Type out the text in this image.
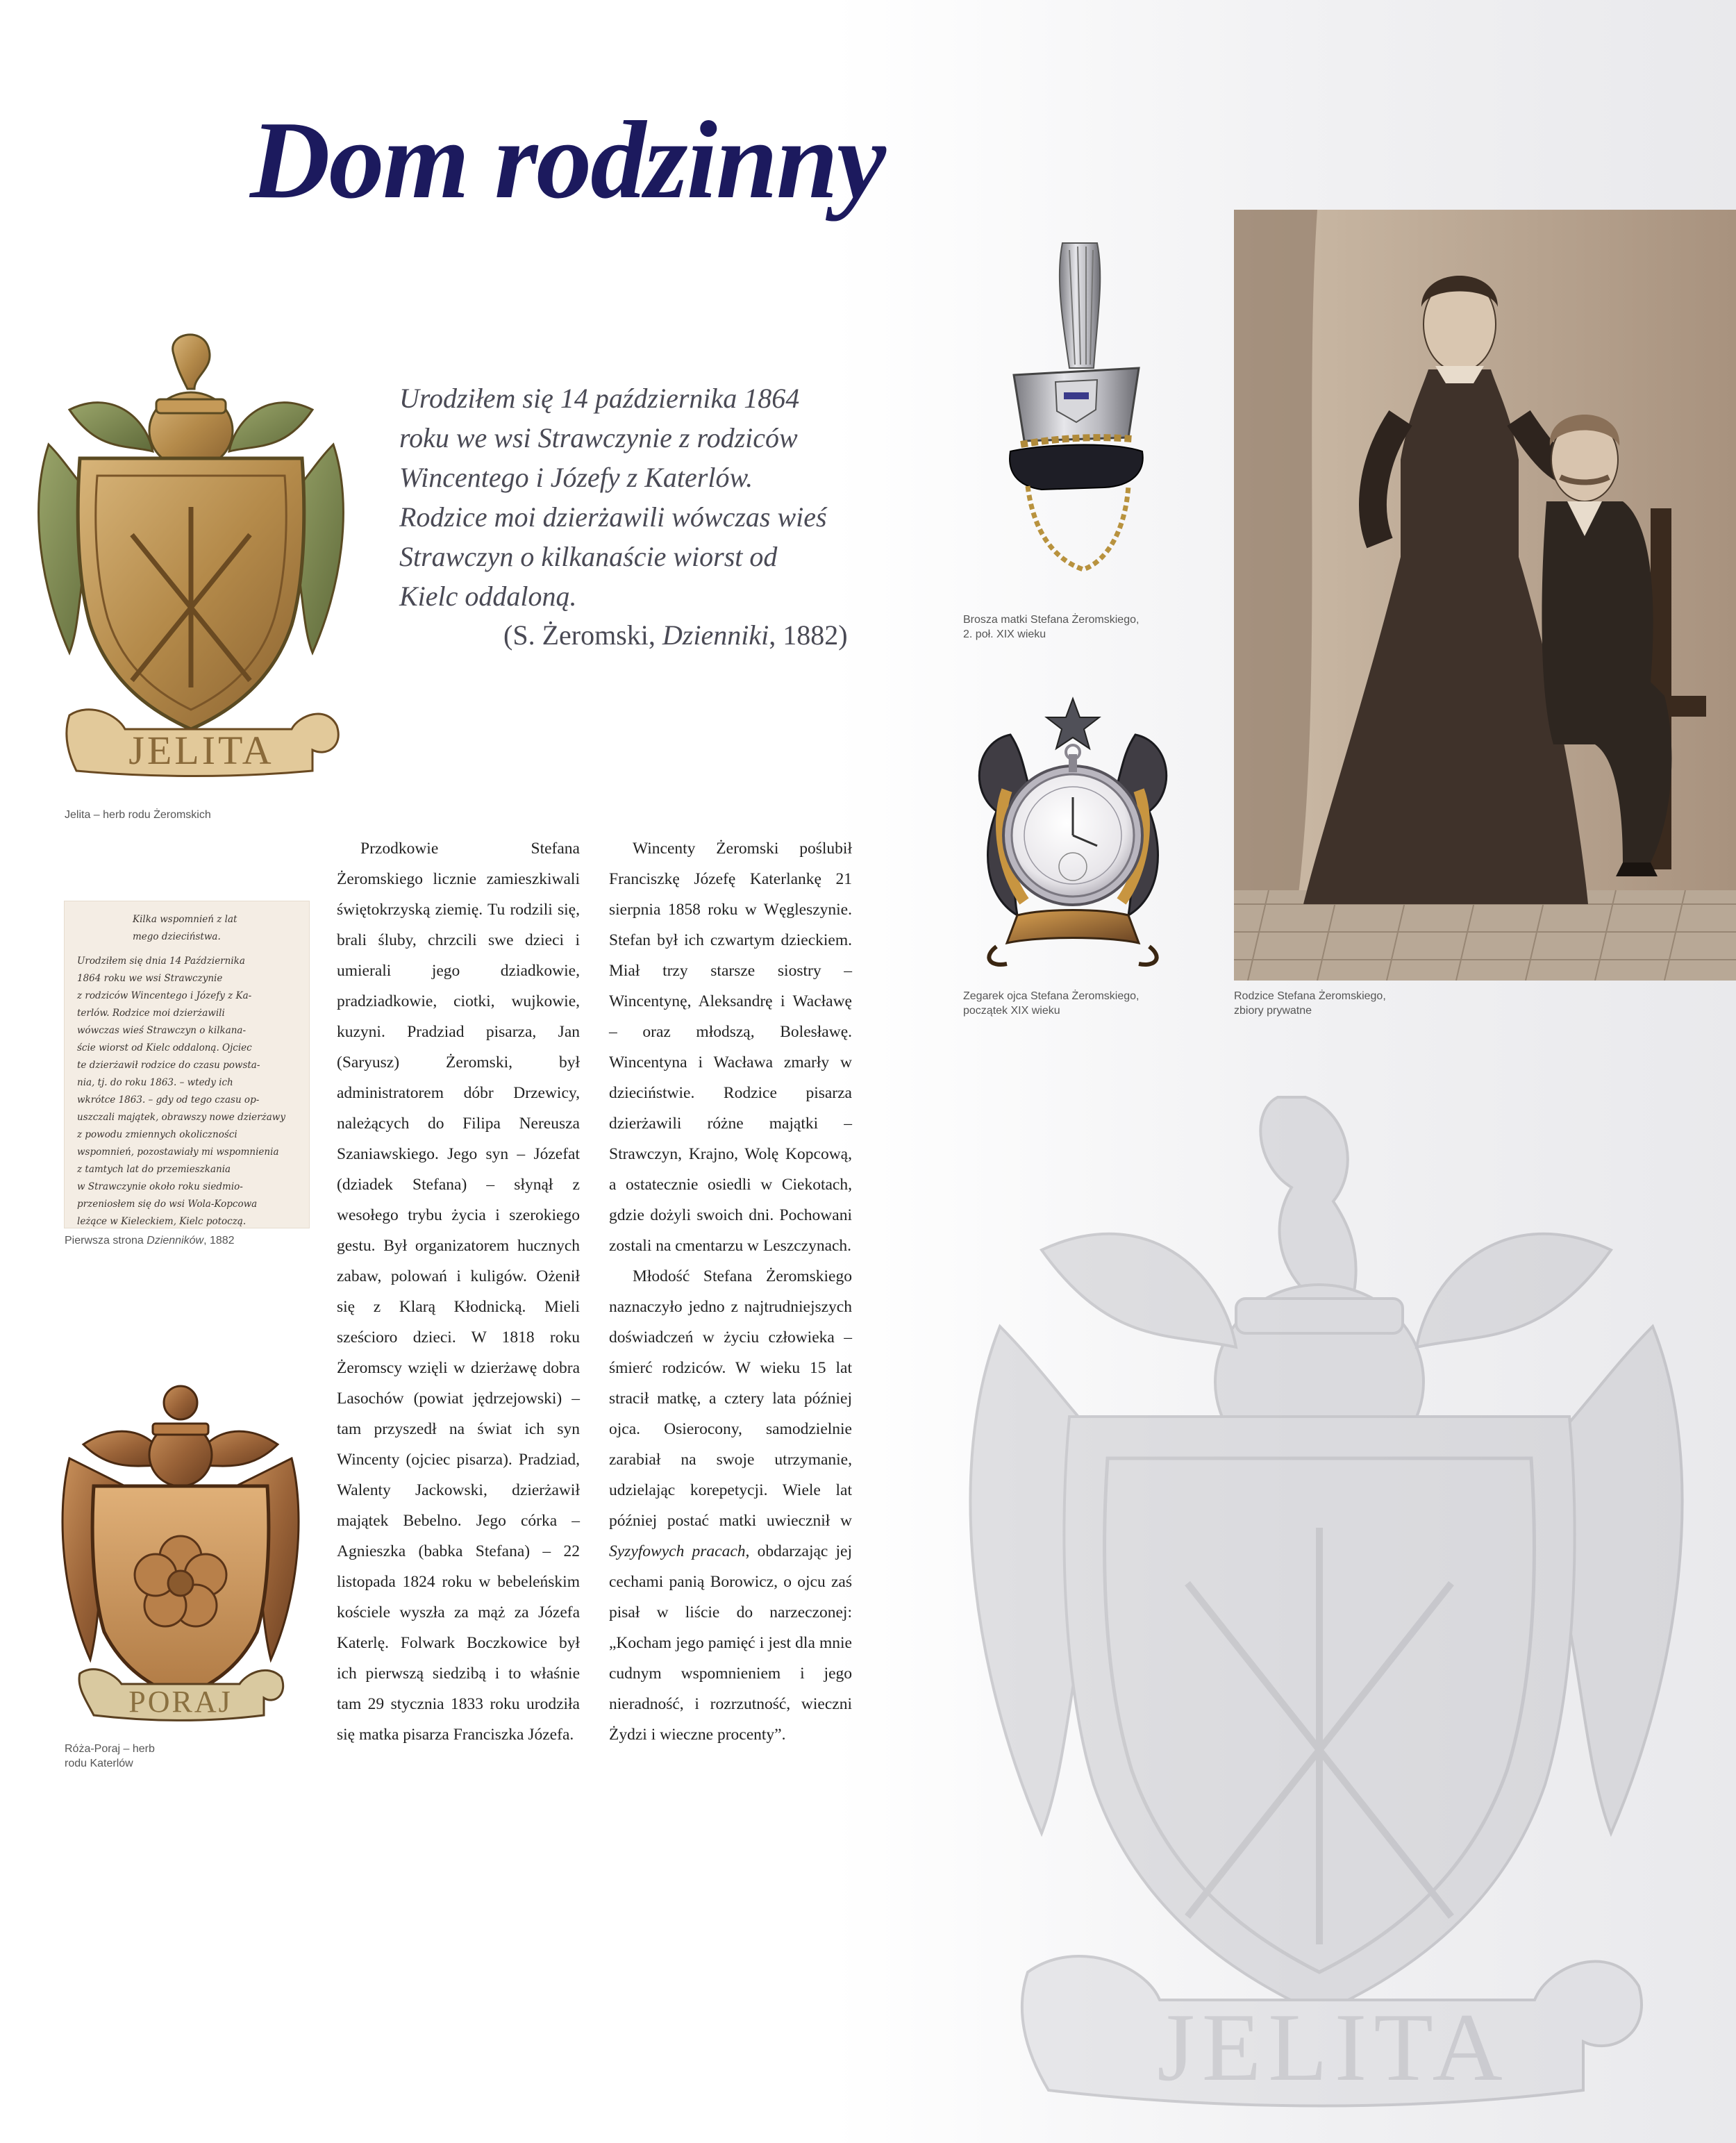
Dom rodzinny
JELITA
Jelita – herb rodu Żeromskich
Urodziłem się 14 października 1864
roku we wsi Strawczynie z rodziców
Wincentego i Józefy z Katerlów.
Rodzice moi dzierżawili wówczas wieś
Strawczyn o kilkanaście wiorst od
Kielc oddaloną.
(S. Żeromski, Dzienniki, 1882)
Kilka wspomnień z lat
mego dzieciństwa.
Urodziłem się dnia 14 Października
1864 roku we wsi Strawczynie
z rodziców Wincentego i Józefy z Ka-
terlów. Rodzice moi dzierżawili
wówczas wieś Strawczyn o kilkana-
ście wiorst od Kielc oddaloną. Ojciec
te dzierżawił rodzice do czasu powsta-
nia, tj. do roku 1863. – wtedy ich
wkrótce 1863. – gdy od tego czasu op-
uszczali majątek, obrawszy nowe dzierżawy
z powodu zmiennych okoliczności
wspomnień, pozostawiały mi wspomnienia
z tamtych lat do przemieszkania
w Strawczynie około roku siedmio-
przeniosłem się do wsi Wola-Kopcowa
leżące w Kieleckiem, Kielc potoczą.
Pierwsza strona Dzienników, 1882
PORAJ
Róża-Poraj – herb
rodu Katerlów

Przodkowie Stefana Żeromskiego licznie zamieszkiwali świętokrzyską ziemię. Tu rodzili się, brali śluby, chrzcili swe dzieci i umierali jego dziadkowie, pradziadkowie, ciotki, wujkowie, kuzyni. Pradziad pisarza, Jan (Saryusz) Żeromski, był administratorem dóbr Drzewicy, należących do Filipa Nereusza Szaniawskiego. Jego syn – Józefat (dziadek Stefana) – słynął z wesołego trybu życia i szerokiego gestu. Był organizatorem hucznych zabaw, polowań i kuligów. Ożenił się z Klarą Kłodnicką. Mieli sześcioro dzieci. W 1818 roku Żeromscy wzięli w dzierżawę dobra Lasochów (powiat jędrzejowski) – tam przyszedł na świat ich syn Wincenty (ojciec pisarza). Pradziad, Walenty Jackowski, dzierżawił majątek Bebelno. Jego córka – Agnieszka (babka Stefana) – 22 listopada 1824 roku w bebeleńskim kościele wyszła za mąż za Józefa Katerlę. Folwark Boczkowice był ich pierwszą siedzibą i to właśnie tam 29 stycznia 1833 roku urodziła się matka pisarza Franciszka Józefa.

Wincenty Żeromski poślubił Franciszkę Józefę Katerlankę 21 sierpnia 1858 roku w Węgleszynie. Stefan był ich czwartym dzieckiem. Miał trzy starsze siostry – Wincentynę, Aleksandrę i Wacławę – oraz młodszą, Bolesławę. Wincentyna i Wacława zmarły w dzieciństwie. Rodzice pisarza dzierżawili różne majątki – Strawczyn, Krajno, Wolę Kopcową, a ostatecznie osiedli w Ciekotach, gdzie dożyli swoich dni. Pochowani zostali na cmentarzu w Leszczynach.

Młodość Stefana Żeromskiego naznaczyło jedno z najtrudniejszych doświadczeń w życiu człowieka – śmierć rodziców. W wieku 15 lat stracił matkę, a cztery lata później ojca. Osierocony, samodzielnie zarabiał na swoje utrzymanie, udzielając korepetycji. Wiele lat później postać matki uwiecznił w Syzyfowych pracach, obdarzając jej cechami panią Borowicz, o ojcu zaś pisał w liście do narzeczonej: „Kocham jego pamięć i jest dla mnie cudnym wspomnieniem i jego nieradność, i rozrzutność, wieczni Żydzi i wieczne procenty”.

Brosza matki Stefana Żeromskiego,
2. poł. XIX wieku
Zegarek ojca Stefana Żeromskiego,
początek XIX wieku
Rodzice Stefana Żeromskiego,
zbiory prywatne
JELITA
